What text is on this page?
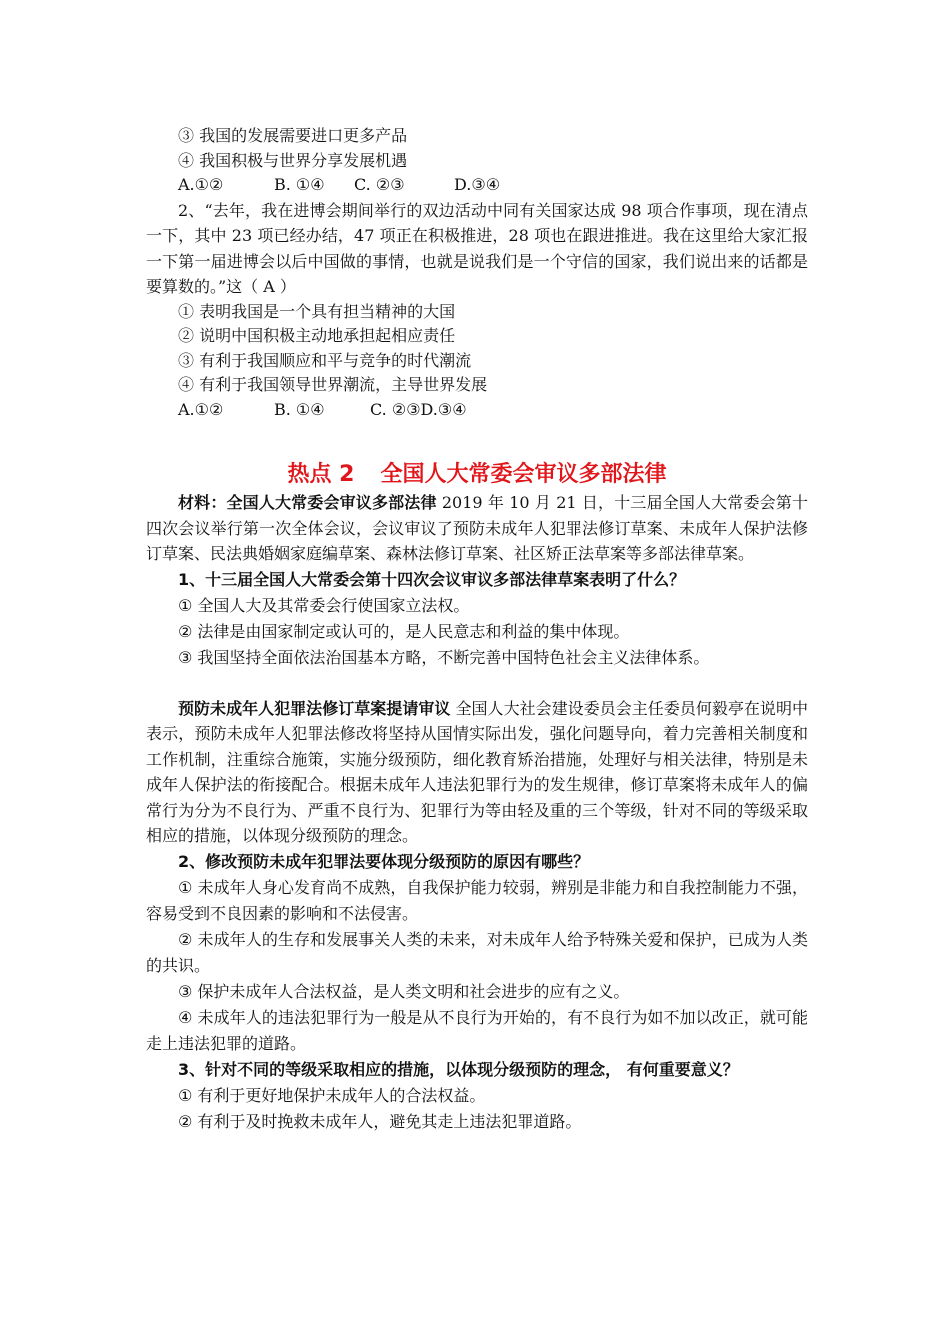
③ 我国的发展需要进口更多产品

④ 我国积极与世界分享发展机遇

A.①②	B. ①④ C. ②③	D.③④

2、“去年，我在进博会期间举行的双边活动中同有关国家达成 98 项合作事项，现在清点一下，其中 23 项已经办结，47 项正在积极推进，28 项也在跟进推进。我在这里给大家汇报一下第一届进博会以后中国做的事情，也就是说我们是一个守信的国家，我们说出来的话都是要算数的。”这（ A ）

① 表明我国是一个具有担当精神的大国

② 说明中国积极主动地承担起相应责任

③ 有利于我国顺应和平与竞争的时代潮流

④ 有利于我国领导世界潮流，主导世界发展

A.①②	B. ①④	C. ②③D.③④

热点 2 全国人大常委会审议多部法律

材料：全国人大常委会审议多部法律 2019 年 10 月 21 日，十三届全国人大常委会第十四次会议举行第一次全体会议，会议审议了预防未成年人犯罪法修订草案、未成年人保护法修订草案、民法典婚姻家庭编草案、森林法修订草案、社区矫正法草案等多部法律草案。

1、十三届全国人大常委会第十四次会议审议多部法律草案表明了什么？

① 全国人大及其常委会行使国家立法权。

② 法律是由国家制定或认可的，是人民意志和利益的集中体现。

③ 我国坚持全面依法治国基本方略，不断完善中国特色社会主义法律体系。

预防未成年人犯罪法修订草案提请审议 全国人大社会建设委员会主任委员何毅亭在说明中表示，预防未成年人犯罪法修改将坚持从国情实际出发，强化问题导向，着力完善相关制度和工作机制，注重综合施策，实施分级预防，细化教育矫治措施，处理好与相关法律，特别是未成年人保护法的衔接配合。根据未成年人违法犯罪行为的发生规律，修订草案将未成年人的偏常行为分为不良行为、严重不良行为、犯罪行为等由轻及重的三个等级，针对不同的等级采取相应的措施，以体现分级预防的理念。

2、修改预防未成年犯罪法要体现分级预防的原因有哪些？

① 未成年人身心发育尚不成熟，自我保护能力较弱，辨别是非能力和自我控制能力不强，容易受到不良因素的影响和不法侵害。

② 未成年人的生存和发展事关人类的未来，对未成年人给予特殊关爱和保护，已成为人类的共识。

③ 保护未成年人合法权益，是人类文明和社会进步的应有之义。

④ 未成年人的违法犯罪行为一般是从不良行为开始的，有不良行为如不加以改正，就可能走上违法犯罪的道路。

3、针对不同的等级采取相应的措施，以体现分级预防的理念， 有何重要意义？

① 有利于更好地保护未成年人的合法权益。

② 有利于及时挽救未成年人，避免其走上违法犯罪道路。
